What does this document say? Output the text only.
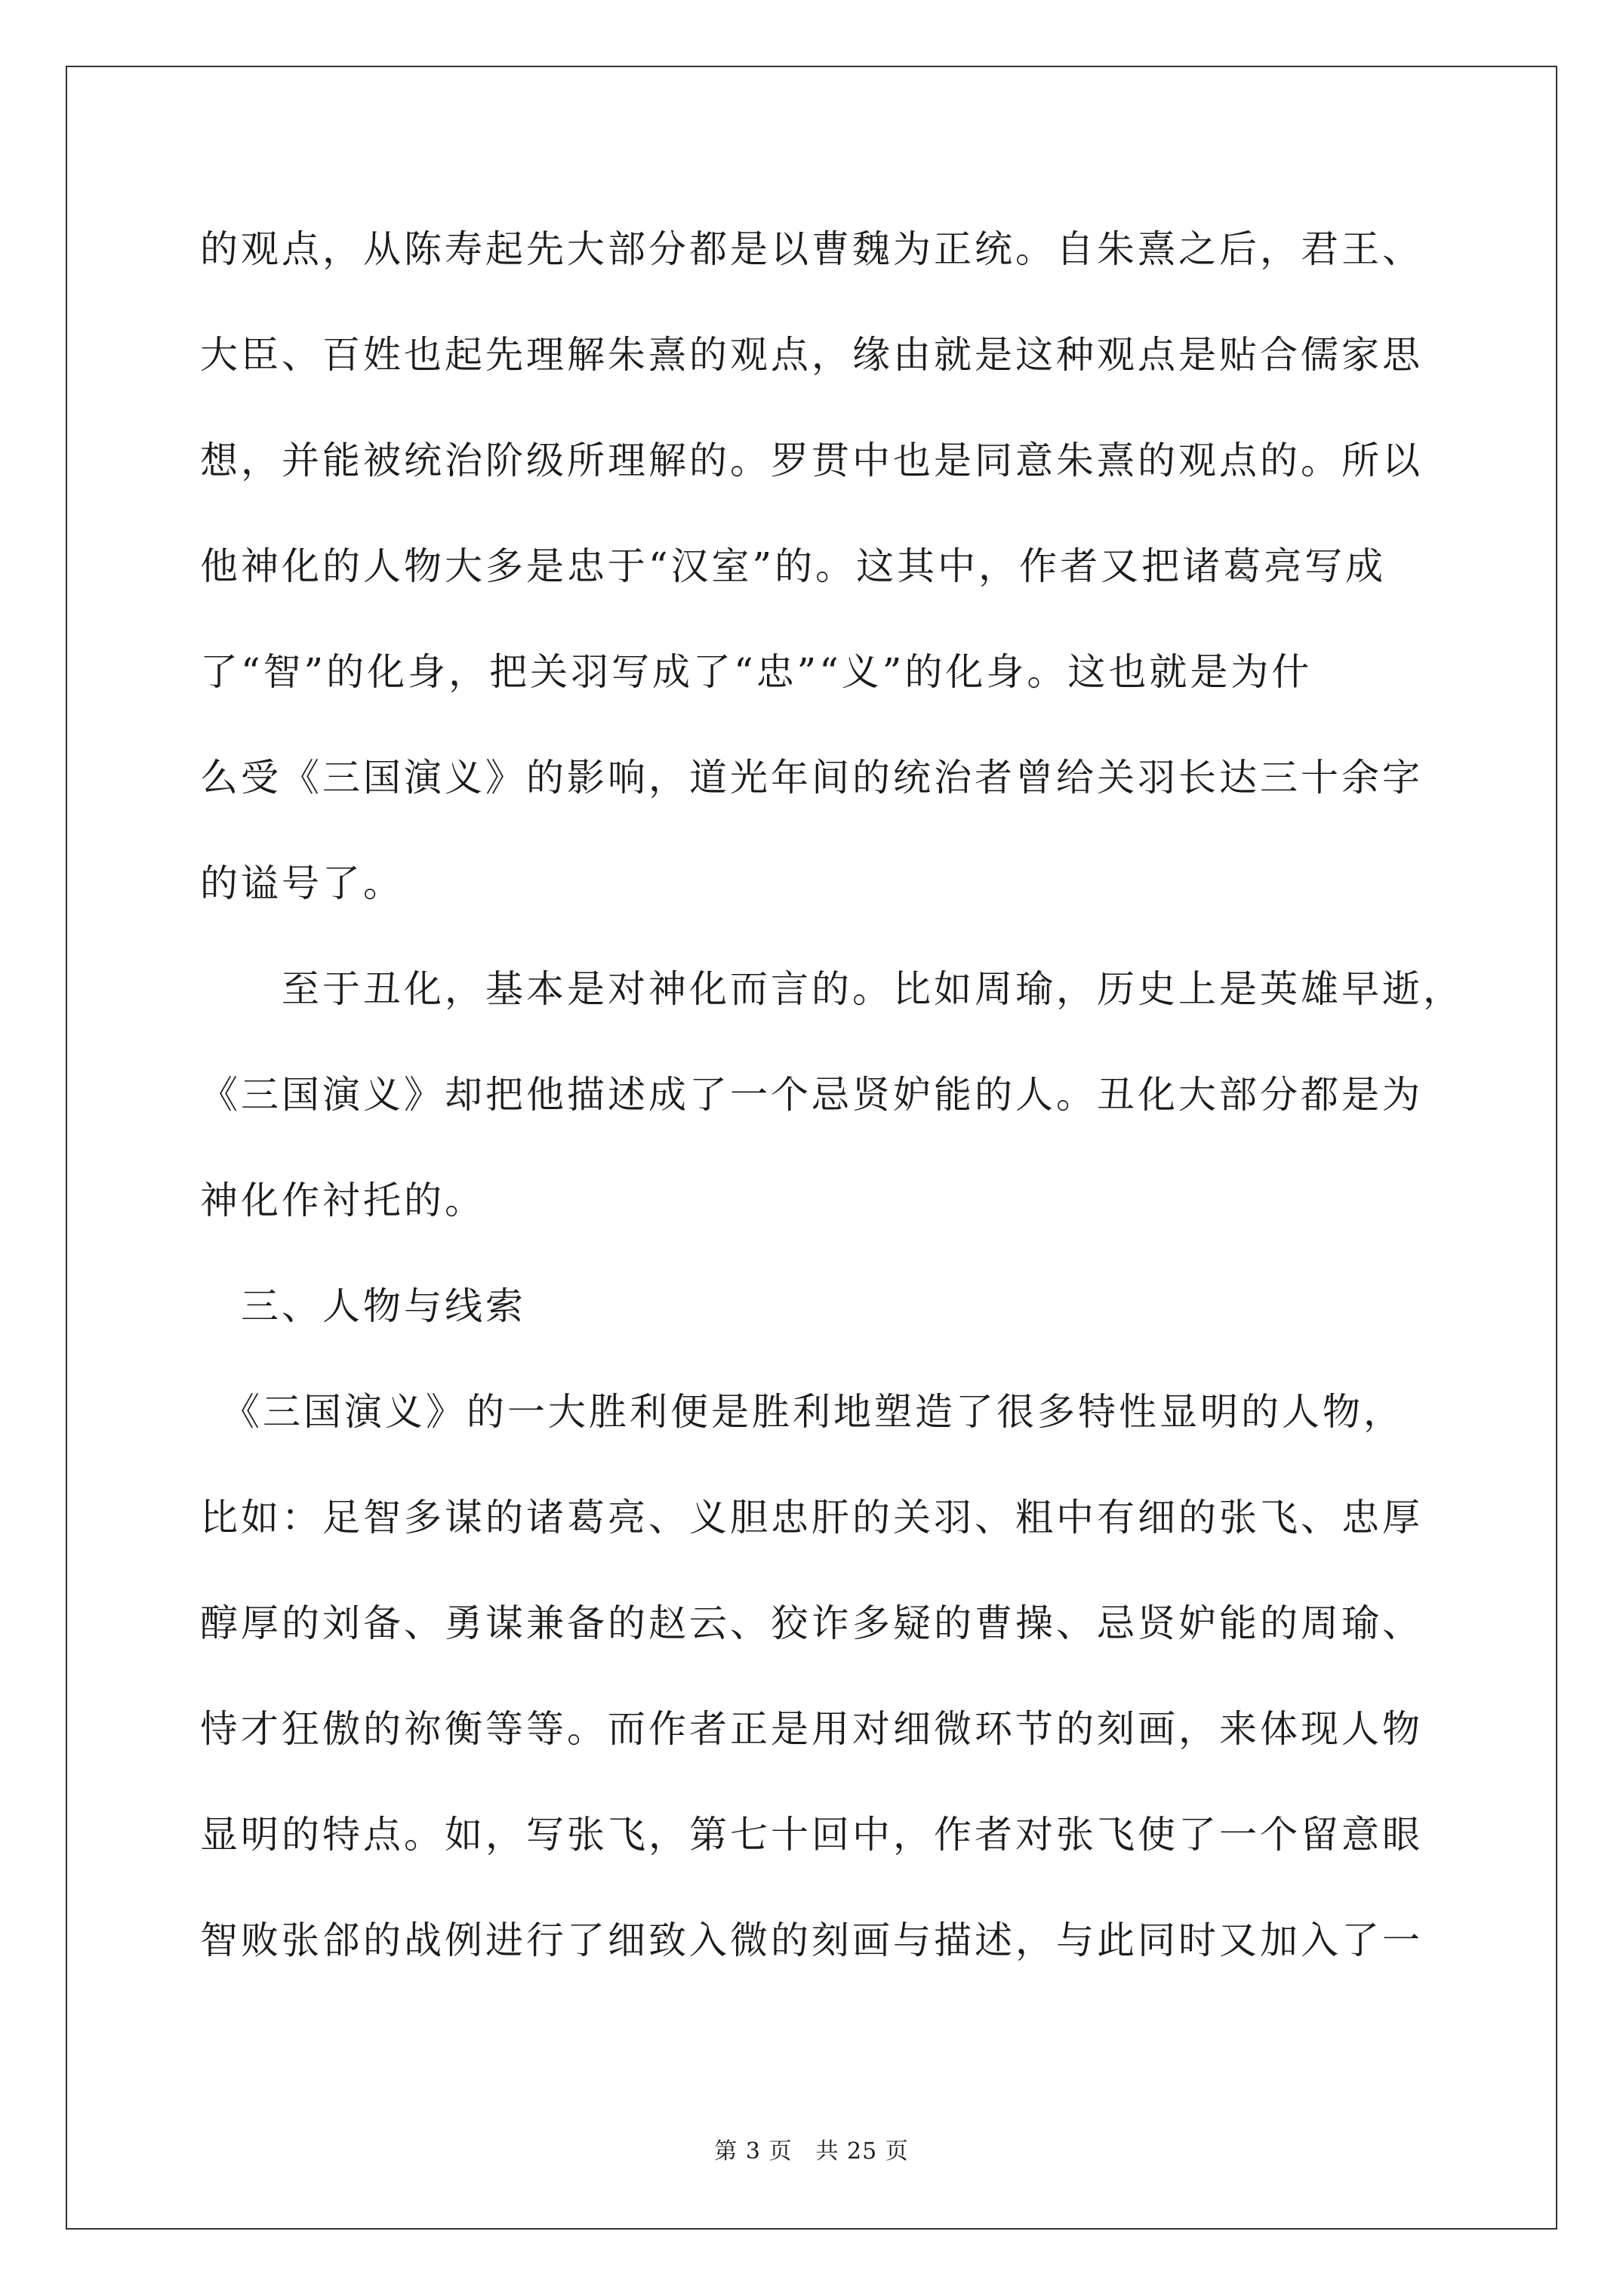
的观点，从陈寿起先大部分都是以曹魏为正统。自朱熹之后，君王、
大臣、百姓也起先理解朱熹的观点，缘由就是这种观点是贴合儒家思
想，并能被统治阶级所理解的。罗贯中也是同意朱熹的观点的。所以
他神化的人物大多是忠于“汉室”的。这其中，作者又把诸葛亮写成
了“智”的化身，把关羽写成了“忠”“义”的化身。这也就是为什
么受《三国演义》的影响，道光年间的统治者曾给关羽长达三十余字
的谥号了。
　　至于丑化，基本是对神化而言的。比如周瑜，历史上是英雄早逝，
《三国演义》却把他描述成了一个忌贤妒能的人。丑化大部分都是为
神化作衬托的。
　三、人物与线索
　《三国演义》的一大胜利便是胜利地塑造了很多特性显明的人物，
比如：足智多谋的诸葛亮、义胆忠肝的关羽、粗中有细的张飞、忠厚
醇厚的刘备、勇谋兼备的赵云、狡诈多疑的曹操、忌贤妒能的周瑜、
恃才狂傲的祢衡等等。而作者正是用对细微环节的刻画，来体现人物
显明的特点。如，写张飞，第七十回中，作者对张飞使了一个留意眼
智败张郃的战例进行了细致入微的刻画与描述，与此同时又加入了一
第 3 页　共 25 页
